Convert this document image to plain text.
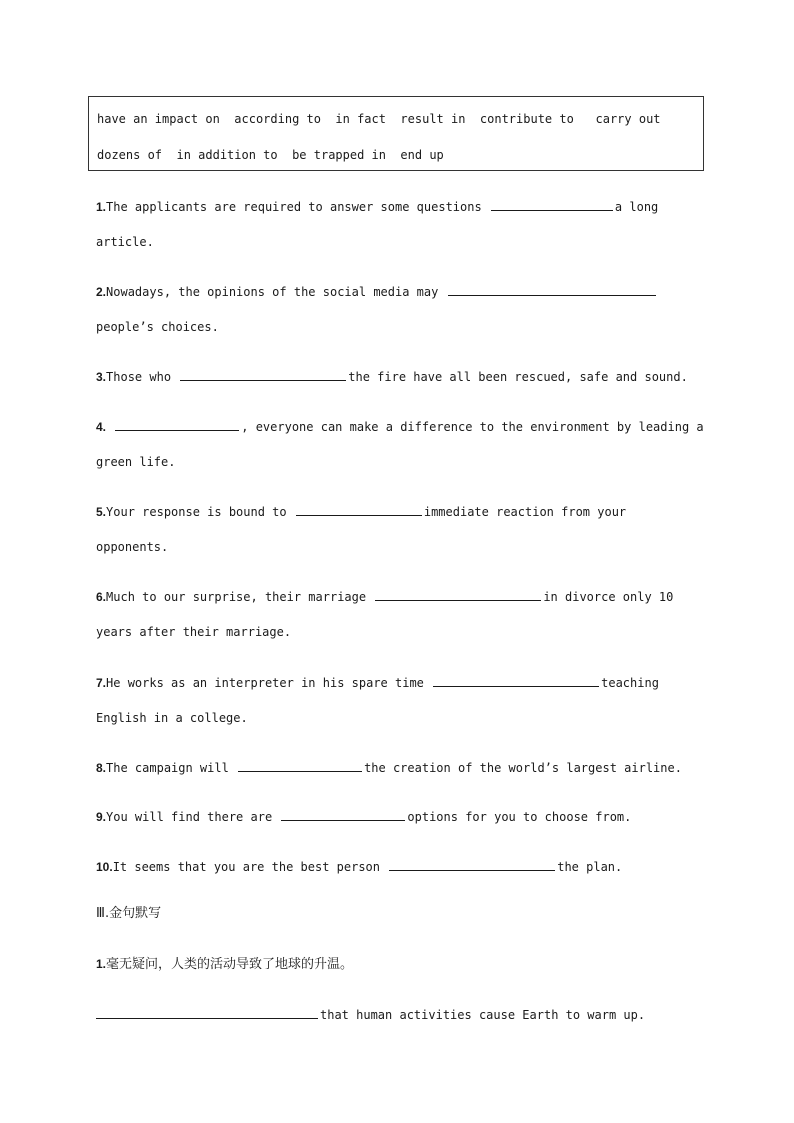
have an impact on  according to  in fact  result in  contribute to   carry out
dozens of  in addition to  be trapped in  end up
1.The applicants are required to answer some questions	a long
article.
2.Nowadays, the opinions of the social media may
people’s choices.
3.Those who	the fire have all been rescued, safe and sound.
4.	, everyone can make a difference to the environment by leading a
green life.
5.Your response is bound to	immediate reaction from your
opponents.
6.Much to our surprise, their marriage	in divorce only 10
years after their marriage.
7.He works as an interpreter in his spare time	teaching
English in a college.
8.The campaign will	the creation of the world’s largest airline.
9.You will find there are	options for you to choose from.
10.It seems that you are the best person	the plan.
Ⅲ.金句默写
1.毫无疑问，人类的活动导致了地球的升温。
that human activities cause Earth to warm up.
